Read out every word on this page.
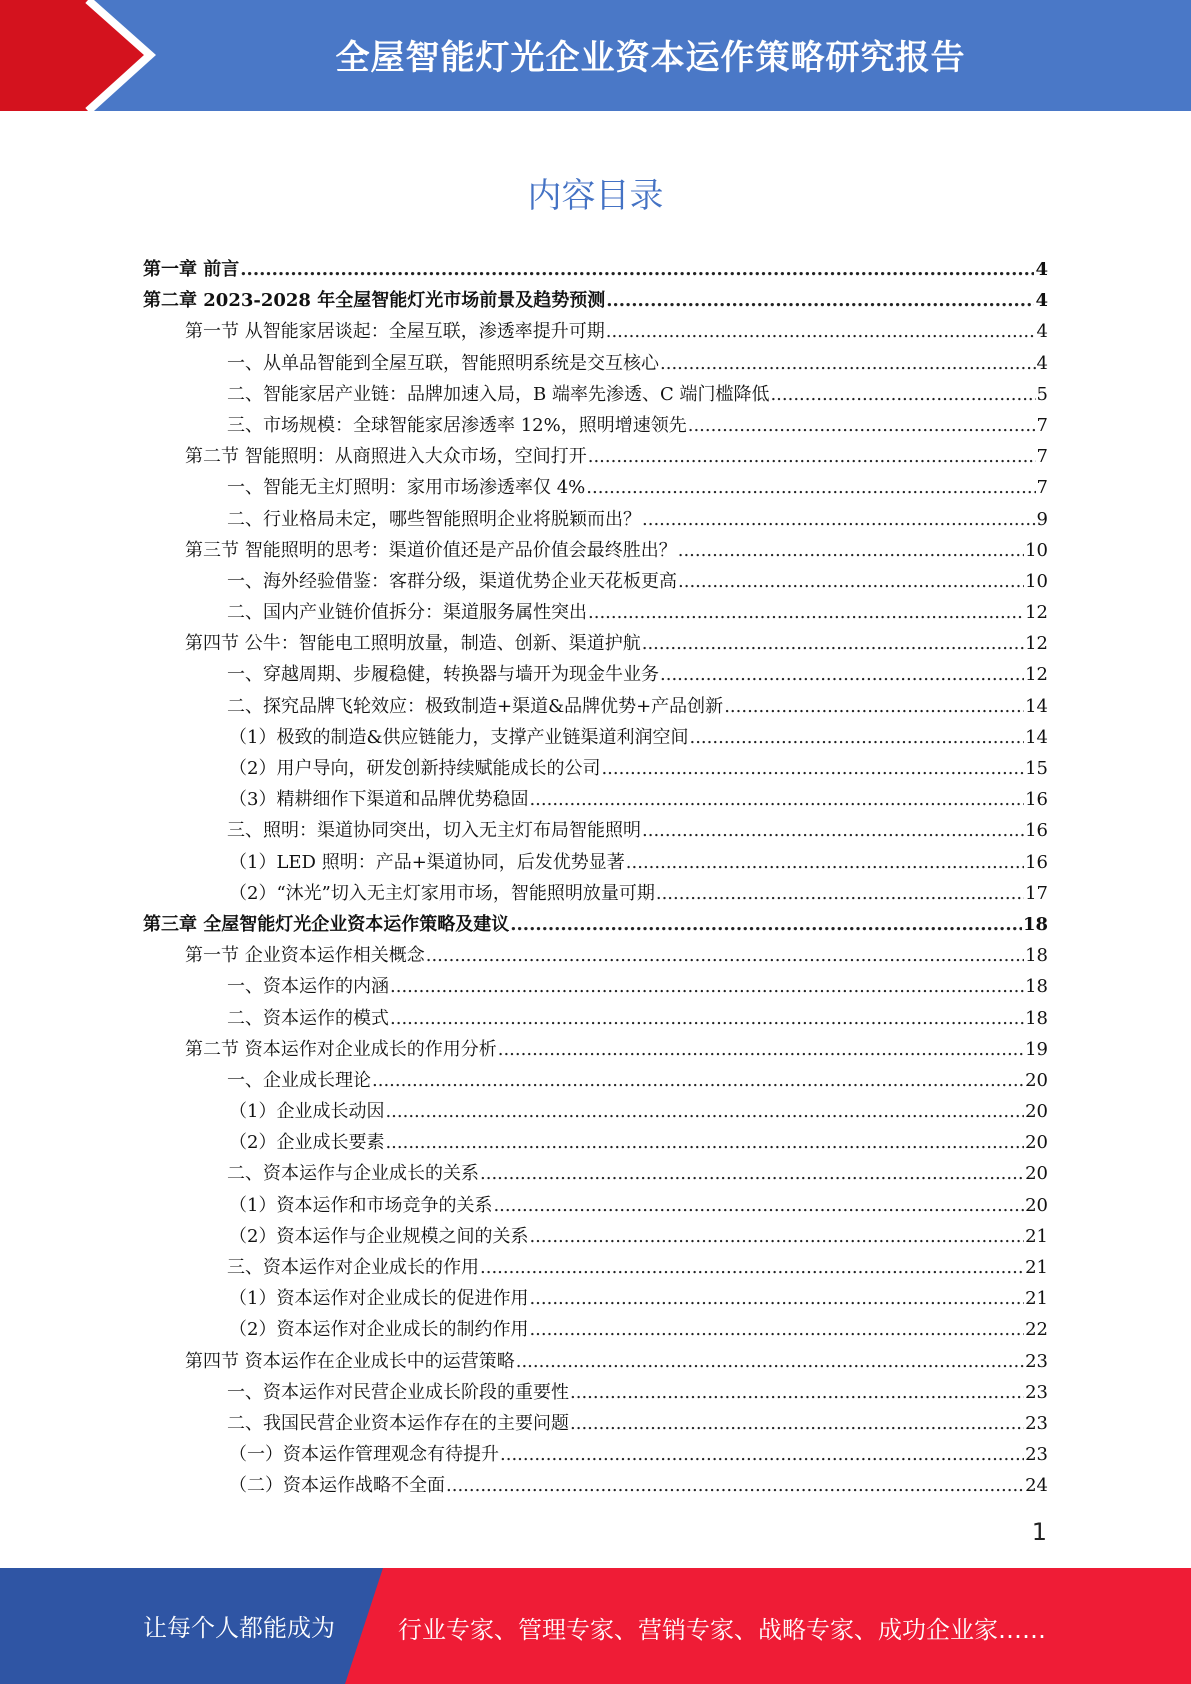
全屋智能灯光企业资本运作策略研究报告
内容目录
第一章 前言 .....	4
第二章 2023-2028 年全屋智能灯光市场前景及趋势预测 .....	4
第一节 从智能家居谈起：全屋互联，渗透率提升可期 .....	4
一、从单品智能到全屋互联，智能照明系统是交互核心 .....	4
二、智能家居产业链：品牌加速入局，B 端率先渗透、C 端门槛降低 .....	5
三、市场规模：全球智能家居渗透率 12%，照明增速领先 .....	7
第二节 智能照明：从商照进入大众市场，空间打开 .....	7
一、智能无主灯照明：家用市场渗透率仅 4% .....	7
二、行业格局未定，哪些智能照明企业将脱颖而出？ .....	9
第三节 智能照明的思考：渠道价值还是产品价值会最终胜出？ .....	10
一、海外经验借鉴：客群分级，渠道优势企业天花板更高 .....	10
二、国内产业链价值拆分：渠道服务属性突出 .....	12
第四节 公牛：智能电工照明放量，制造、创新、渠道护航 .....	12
一、穿越周期、步履稳健，转换器与墙开为现金牛业务 .....	12
二、探究品牌飞轮效应：极致制造+渠道&品牌优势+产品创新 .....	14
（1）极致的制造&供应链能力，支撑产业链渠道利润空间 .....	14
（2）用户导向，研发创新持续赋能成长的公司 .....	15
（3）精耕细作下渠道和品牌优势稳固 .....	16
三、照明：渠道协同突出，切入无主灯布局智能照明 .....	16
（1）LED 照明：产品+渠道协同，后发优势显著 .....	16
（2）“沐光”切入无主灯家用市场，智能照明放量可期 .....	17
第三章 全屋智能灯光企业资本运作策略及建议 .....	18
第一节 企业资本运作相关概念 .....	18
一、资本运作的内涵 .....	18
二、资本运作的模式 .....	18
第二节 资本运作对企业成长的作用分析 .....	19
一、企业成长理论 .....	20
（1）企业成长动因 .....	20
（2）企业成长要素 .....	20
二、资本运作与企业成长的关系 .....	20
（1）资本运作和市场竞争的关系 .....	20
（2）资本运作与企业规模之间的关系 .....	21
三、资本运作对企业成长的作用 .....	21
（1）资本运作对企业成长的促进作用 .....	21
（2）资本运作对企业成长的制约作用 .....	22
第四节 资本运作在企业成长中的运营策略 .....	23
一、资本运作对民营企业成长阶段的重要性 .....	23
二、我国民营企业资本运作存在的主要问题 .....	23
（一）资本运作管理观念有待提升 .....	23
（二）资本运作战略不全面 .....	24
1
让每个人都能成为	行业专家、管理专家、营销专家、战略专家、成功企业家……
